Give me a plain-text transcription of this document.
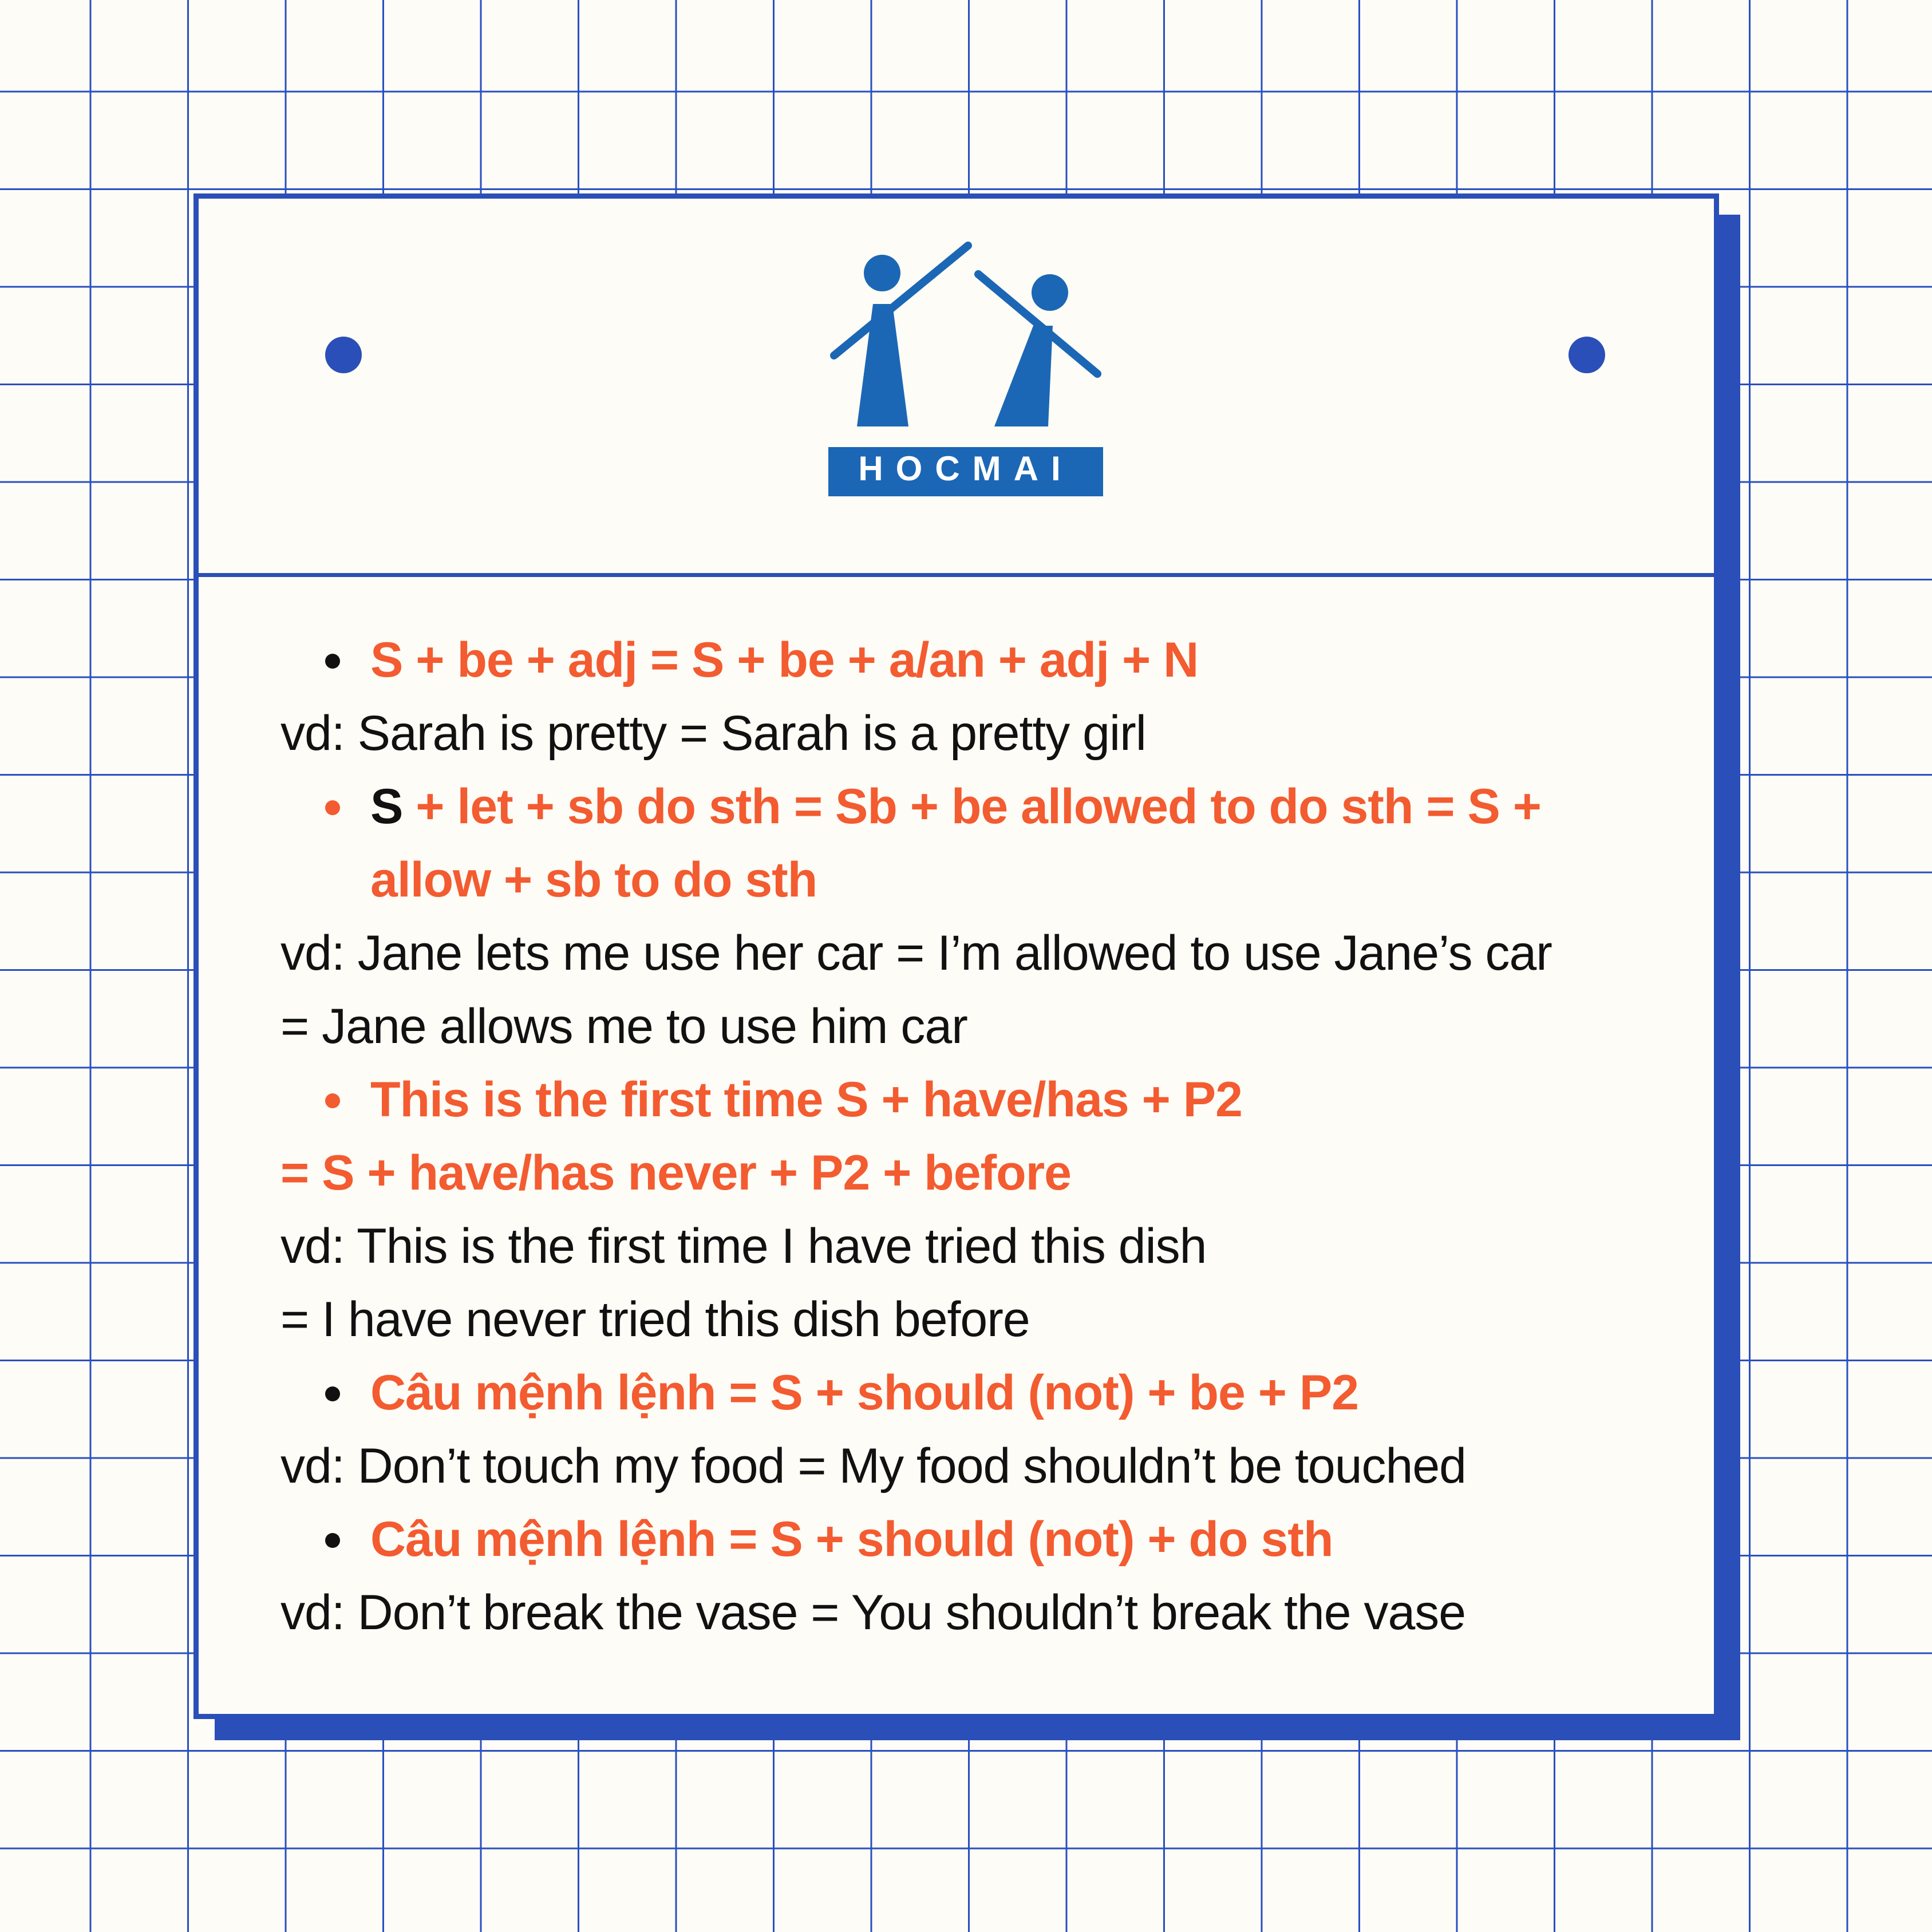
HOCMAI
S + be + adj = S + be + a/an + adj + N
vd: Sarah is pretty = Sarah is a pretty girl
S + let + sb do sth = Sb + be allowed to do sth = S +
allow + sb to do sth
vd: Jane lets me use her car = I’m allowed to use Jane’s car
= Jane allows me to use him car
This is the first time S + have/has + P2
= S + have/has never + P2 + before
vd: This is the first time I have tried this dish
= I have never tried this dish before
Câu mệnh lệnh = S + should (not) + be + P2
vd: Don’t touch my food = My food shouldn’t be touched
Câu mệnh lệnh = S + should (not) + do sth
vd: Don’t break the vase = You shouldn’t break the vase
